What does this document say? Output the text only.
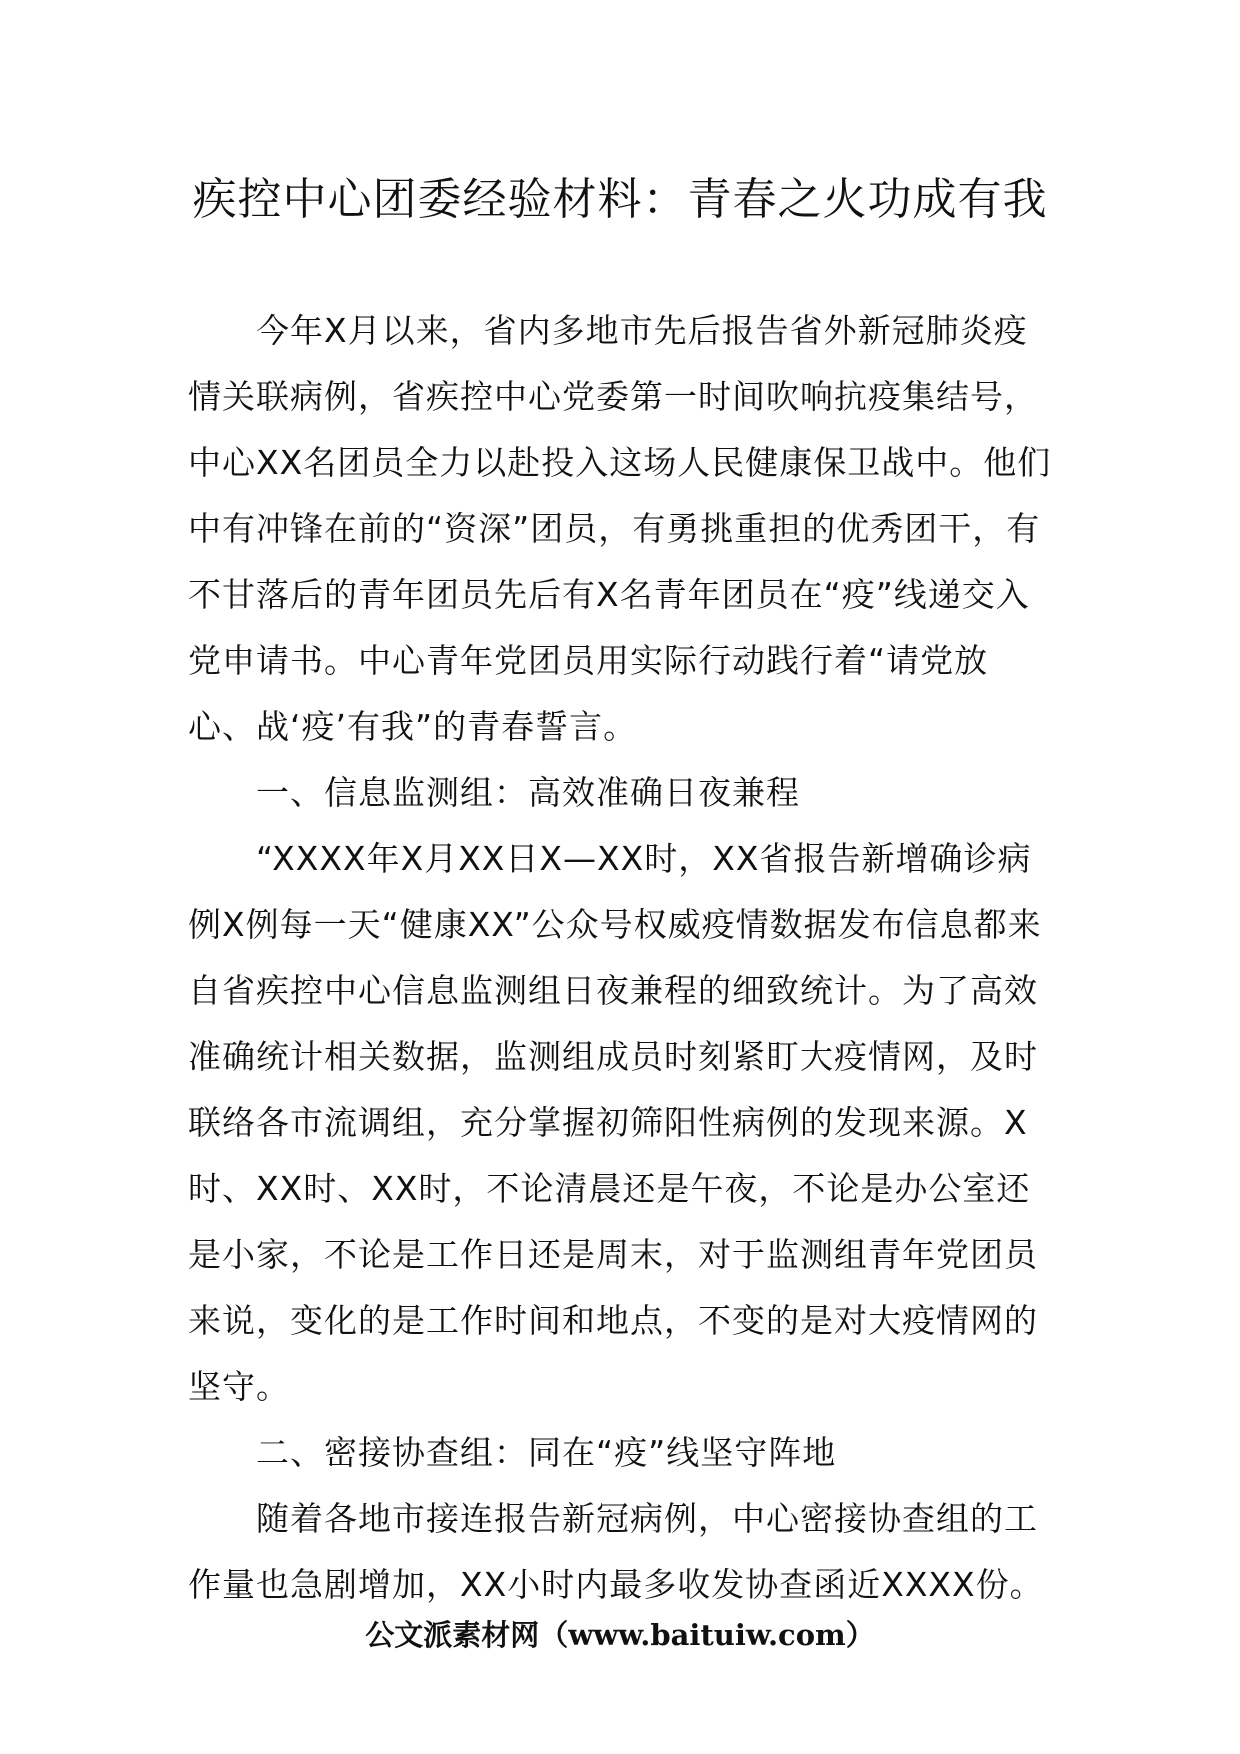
疾控中心团委经验材料：青春之火功成有我

今年X月以来，省内多地市先后报告省外新冠肺炎疫情关联病例，省疾控中心党委第一时间吹响抗疫集结号，中心XX名团员全力以赴投入这场人民健康保卫战中。他们中有冲锋在前的“资深”团员，有勇挑重担的优秀团干，有不甘落后的青年团员先后有X名青年团员在“疫”线递交入党申请书。中心青年党团员用实际行动践行着“请党放心、战‘疫’有我”的青春誓言。

一、信息监测组：高效准确日夜兼程

“XXXX年X月XX日X—XX时，XX省报告新增确诊病例X例每一天“健康XX”公众号权威疫情数据发布信息都来自省疾控中心信息监测组日夜兼程的细致统计。为了高效准确统计相关数据，监测组成员时刻紧盯大疫情网，及时联络各市流调组，充分掌握初筛阳性病例的发现来源。X时、XX时、XX时，不论清晨还是午夜，不论是办公室还是小家，不论是工作日还是周末，对于监测组青年党团员来说，变化的是工作时间和地点，不变的是对大疫情网的坚守。

二、密接协查组：同在“疫”线坚守阵地

随着各地市接连报告新冠病例，中心密接协查组的工作量也急剧增加，XX小时内最多收发协查函近XXXX份。

公文派素材网（www.baituiw.com）
